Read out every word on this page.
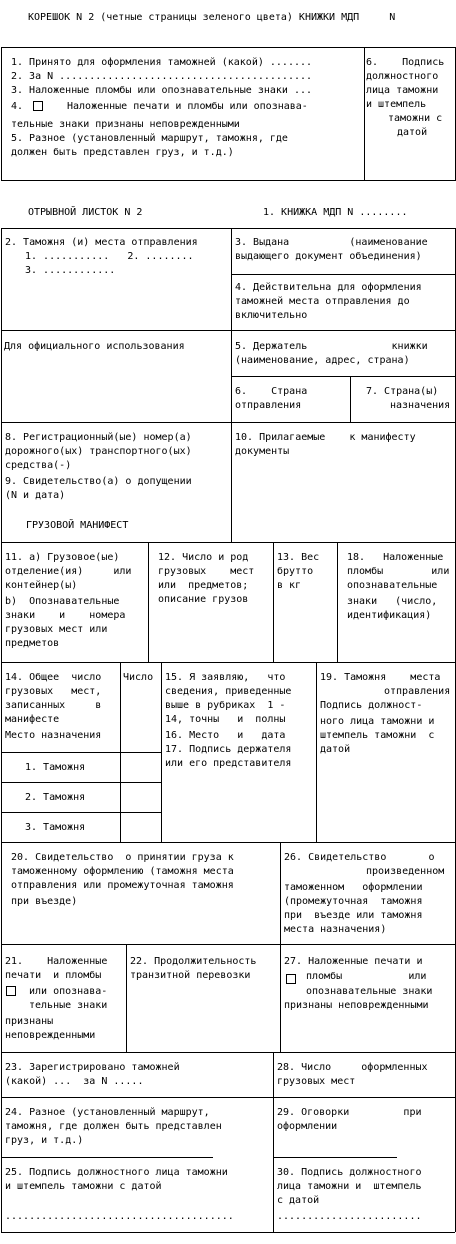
КОРЕШОК N 2 (четные страницы зеленого цвета) КНИЖКИ МДП     N
1. Принято для оформления таможней (какой) .......
2. За N ..........................................
3. Наложенные пломбы или опознавательные знаки ...
4.	Наложенные печати и пломбы или опознава-
тельные знаки признаны неповрежденными
5. Разное (установленный маршрут, таможня, где
должен быть представлен груз, и т.д.)
6.    Подпись
должностного
лица таможни
и штемпель
таможни с
датой
ОТРЫВНОЙ ЛИСТОК N 2	1. КНИЖКА МДП N ........
2. Таможня (и) места отправления
1. ...........   2. ........
3. ............
3. Выдана          (наименование
выдающего документ объединения)
4. Действительна для оформления
таможней места отправления до
включительно
Для официального использования	5. Держатель              книжки
(наименование, адрес, страна)
6.    Страна
отправления
7. Страна(ы)
назначения
8. Регистрационный(ые) номер(а)
дорожного(ых) транспортного(ых)
средства(-)
9. Свидетельство(а) о допущении
(N и дата)
ГРУЗОВОЙ МАНИФЕСТ
10. Прилагаемые    к манифесту
документы
11. a) Грузовое(ые)
отделение(ия)     или
контейнер(ы)
b)  Опознавательные
знаки    и    номера
грузовых мест или
предметов
12. Число и род
грузовых    мест
или  предметов;
описание грузов
13. Вес
брутто
в кг
18.   Наложенные
пломбы        или
опознавательные
знаки   (число,
идентификация)
14. Общее  число
грузовых   мест,
записанных     в
манифесте
Место назначения
Число
1. Таможня
2. Таможня
3. Таможня
15. Я заявляю,   что
сведения, приведенные
выше в рубриках  1 -
14, точны   и  полны
16. Место   и   дата
17. Подпись держателя
или его представителя
19. Таможня    места
отправления
Подпись должност-
ного лица таможни и
штемпель таможни  с
датой
20. Свидетельство  о принятии груза к
таможенному оформлению (таможня места
отправления или промежуточная таможня
при въезде)
26. Свидетельство       о
произведенном
таможенном   оформлении
(промежуточная  таможня
при  въезде или таможня
места назначения)
21.    Наложенные
печати  и пломбы
или опознава-
тельные знаки
признаны
неповрежденными
22. Продолжительность
транзитной перевозки
27. Наложенные печати и
пломбы           или
опознавательные знаки
признаны неповрежденными
23. Зарегистрировано таможней
(какой) ...  за N .....
28. Число     оформленных
грузовых мест
24. Разное (установленный маршрут,
таможня, где должен быть представлен
груз, и т.д.)
29. Оговорки         при
оформлении
25. Подпись должностного лица таможни
и штемпель таможни с датой
......................................
30. Подпись должностного
лица таможни и  штемпель
с датой
........................
